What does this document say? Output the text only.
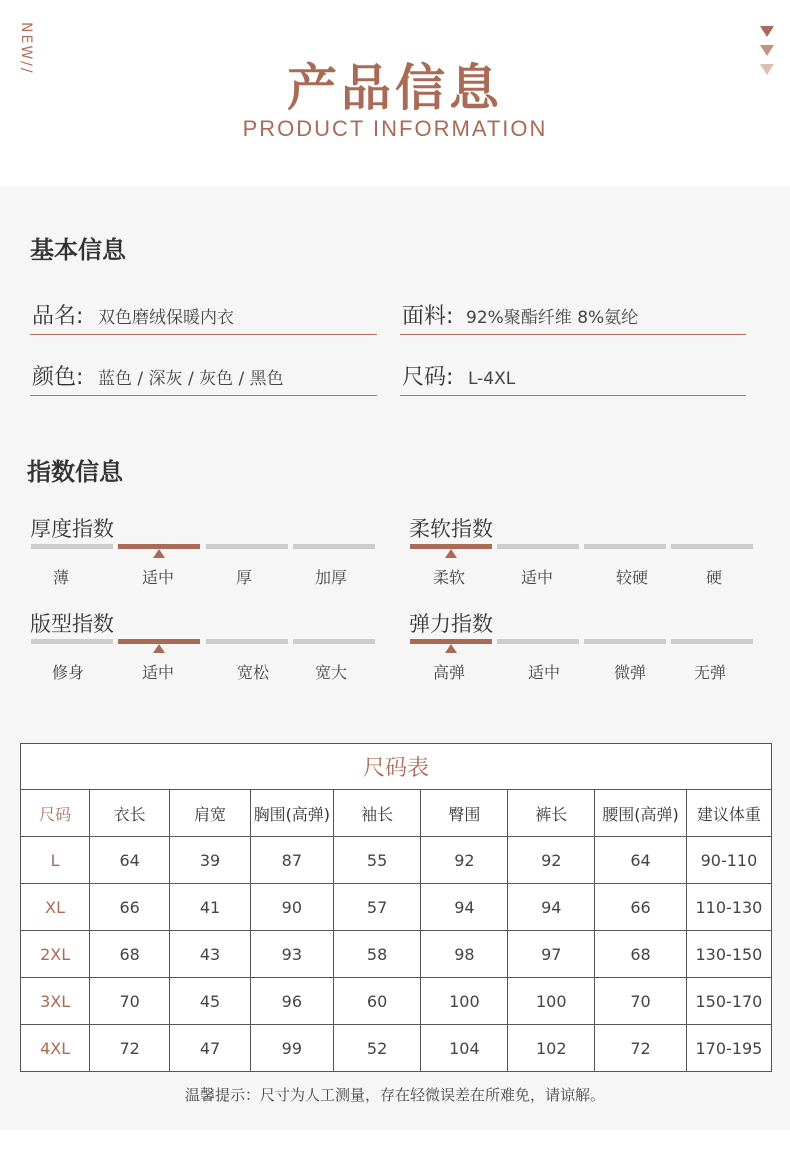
NEW//
产品信息
PRODUCT INFORMATION
基本信息
品名: 双色磨绒保暖内衣	面料: 92%聚酯纤维 8%氨纶
颜色: 蓝色 / 深灰 / 灰色 / 黑色	尺码: L-4XL
指数信息
厚度指数
薄	适中	厚	加厚
柔软指数
柔软	适中	较硬	硬
版型指数
修身	适中	宽松	宽大
弹力指数
高弹	适中	微弹	无弹
尺码表								
尺码	衣长	肩宽	胸围(高弹)	袖长	臀围	裤长	腰围(高弹)	建议体重
L	64	39	87	55	92	92	64	90-110
XL	66	41	90	57	94	94	66	110-130
2XL	68	43	93	58	98	97	68	130-150
3XL	70	45	96	60	100	100	70	150-170
4XL	72	47	99	52	104	102	72	170-195
温馨提示：尺寸为人工测量，存在轻微误差在所难免，请谅解。
